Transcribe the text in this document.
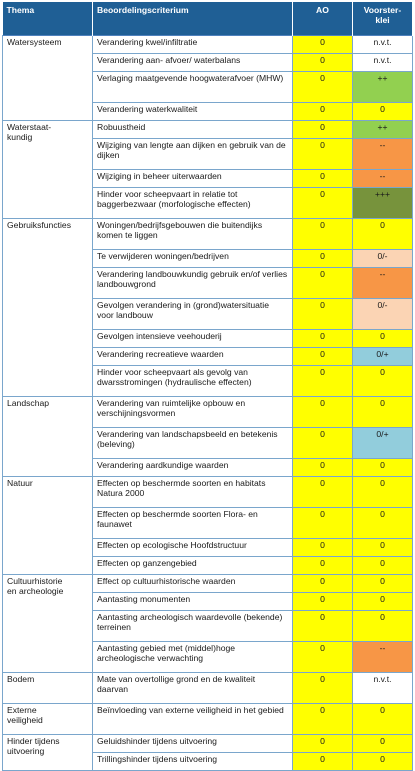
Thema	Beoordelingscriterium	AO	Voorster-
klei
Watersysteem	Verandering kwel/infiltratie	0	n.v.t.
	Verandering aan- afvoer/ waterbalans	0	n.v.t.
	Verlaging maatgevende hoogwaterafvoer (MHW)	0	++
	Verandering waterkwaliteit	0	0
Waterstaat-
kundig	Robuustheid	0	++
	Wijziging van lengte aan dijken en gebruik van de dijken	0	--
	Wijziging in beheer uiterwaarden	0	--
	Hinder voor scheepvaart in relatie tot baggerbezwaar (morfologische effecten)	0	+++
Gebruiksfuncties	Woningen/bedrijfsgebouwen die buitendijks komen te liggen	0	0
	Te verwijderen woningen/bedrijven	0	0/-
	Verandering landbouwkundig gebruik en/of verlies landbouwgrond	0	--
	Gevolgen verandering in (grond)watersituatie voor landbouw	0	0/-
	Gevolgen intensieve veehouderij	0	0
	Verandering recreatieve waarden	0	0/+
	Hinder voor scheepvaart als gevolg van dwarsstromingen (hydraulische effecten)	0	0
Landschap	Verandering van ruimtelijke opbouw en verschijningsvormen	0	0
	Verandering van landschapsbeeld en betekenis (beleving)	0	0/+
	Verandering aardkundige waarden	0	0
Natuur	Effecten op beschermde soorten en habitats Natura 2000	0	0
	Effecten op beschermde soorten Flora- en faunawet	0	0
	Effecten op ecologische Hoofdstructuur	0	0
	Effecten op ganzengebied	0	0
Cultuurhistorie
en archeologie	Effect op cultuurhistorische waarden	0	0
	Aantasting monumenten	0	0
	Aantasting archeologisch waardevolle (bekende) terreinen	0	0
	Aantasting gebied met (middel)hoge archeologische verwachting	0	--
Bodem	Mate van overtollige grond en de kwaliteit daarvan	0	n.v.t.
Externe
veiligheid	Beïnvloeding van externe veiligheid in het gebied	0	0
Hinder tijdens
uitvoering	Geluidshinder tijdens uitvoering	0	0
	Trillingshinder tijdens uitvoering	0	0
